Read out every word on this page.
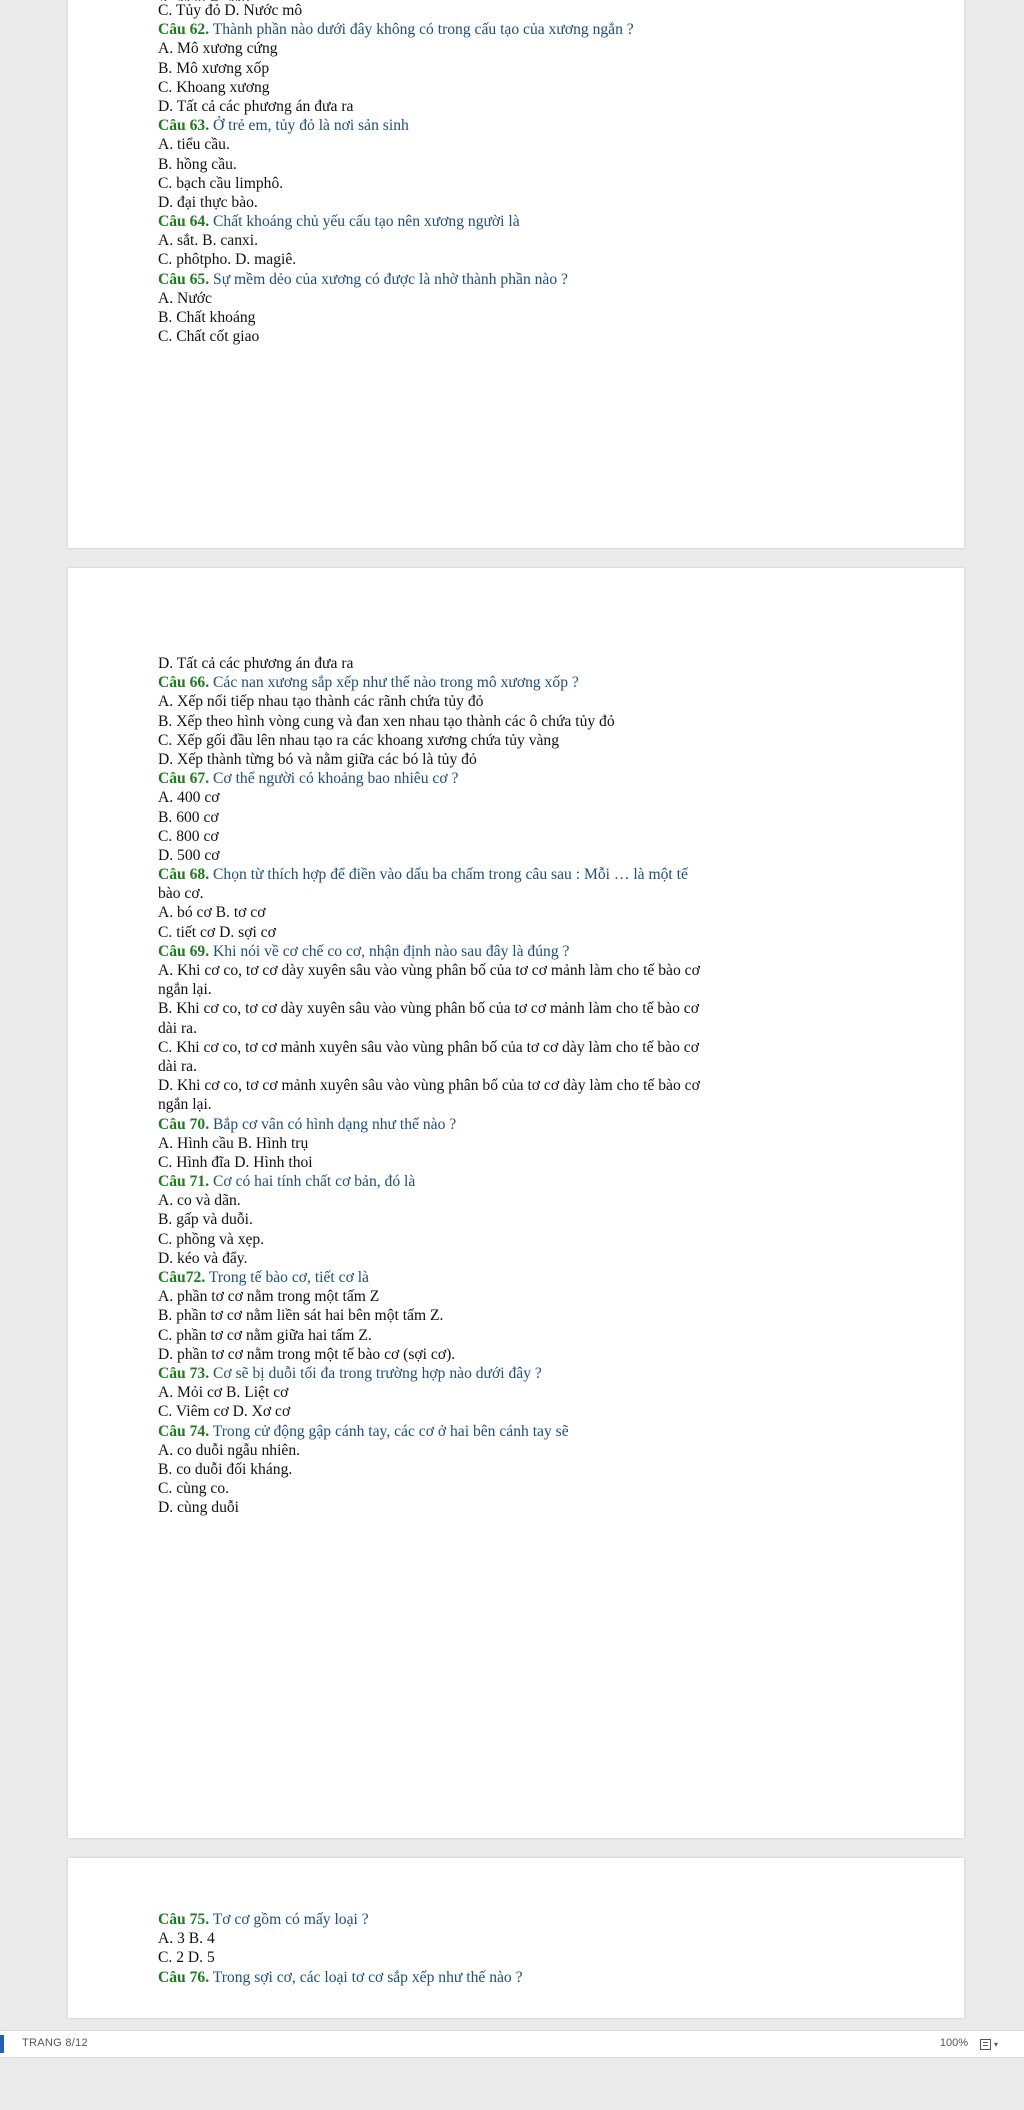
C. Tủy đỏ D. Nước mô
Câu 62. Thành phần nào dưới đây không có trong cấu tạo của xương ngắn ?
A. Mô xương cứng
B. Mô xương xốp
C. Khoang xương
D. Tất cả các phương án đưa ra
Câu 63. Ở trẻ em, tủy đỏ là nơi sản sinh
A. tiểu cầu.
B. hồng cầu.
C. bạch cầu limphô.
D. đại thực bào.
Câu 64. Chất khoáng chủ yếu cấu tạo nên xương người là
A. sắt. B. canxi.
C. phôtpho. D. magiê.
Câu 65. Sự mềm dẻo của xương có được là nhờ thành phần nào ?
A. Nước
B. Chất khoáng
C. Chất cốt giao
D. Tất cả các phương án đưa ra
Câu 66. Các nan xương sắp xếp như thế nào trong mô xương xốp ?
A. Xếp nối tiếp nhau tạo thành các rãnh chứa tủy đỏ
B. Xếp theo hình vòng cung và đan xen nhau tạo thành các ô chứa tủy đỏ
C. Xếp gối đầu lên nhau tạo ra các khoang xương chứa tủy vàng
D. Xếp thành từng bó và nằm giữa các bó là tủy đỏ
Câu 67. Cơ thể người có khoảng bao nhiêu cơ ?
A. 400 cơ
B. 600 cơ
C. 800 cơ
D. 500 cơ
Câu 68. Chọn từ thích hợp để điền vào dấu ba chấm trong câu sau : Mỗi … là một tế
bào cơ.
A. bó cơ B. tơ cơ
C. tiết cơ D. sợi cơ
Câu 69. Khi nói về cơ chế co cơ, nhận định nào sau đây là đúng ?
A. Khi cơ co, tơ cơ dày xuyên sâu vào vùng phân bố của tơ cơ mảnh làm cho tế bào cơ
ngắn lại.
B. Khi cơ co, tơ cơ dày xuyên sâu vào vùng phân bố của tơ cơ mảnh làm cho tế bào cơ
dài ra.
C. Khi cơ co, tơ cơ mảnh xuyên sâu vào vùng phân bố của tơ cơ dày làm cho tế bào cơ
dài ra.
D. Khi cơ co, tơ cơ mảnh xuyên sâu vào vùng phân bố của tơ cơ dày làm cho tế bào cơ
ngắn lại.
Câu 70. Bắp cơ vân có hình dạng như thế nào ?
A. Hình cầu B. Hình trụ
C. Hình đĩa D. Hình thoi
Câu 71. Cơ có hai tính chất cơ bản, đó là
A. co và dãn.
B. gấp và duỗi.
C. phồng và xẹp.
D. kéo và đẩy.
Câu72. Trong tế bào cơ, tiết cơ là
A. phần tơ cơ nằm trong một tấm Z
B. phần tơ cơ nằm liền sát hai bên một tấm Z.
C. phần tơ cơ nằm giữa hai tấm Z.
D. phần tơ cơ nằm trong một tế bào cơ (sợi cơ).
Câu 73. Cơ sẽ bị duỗi tối đa trong trường hợp nào dưới đây ?
A. Mỏi cơ B. Liệt cơ
C. Viêm cơ D. Xơ cơ
Câu 74. Trong cử động gập cánh tay, các cơ ở hai bên cánh tay sẽ
A. co duỗi ngẫu nhiên.
B. co duỗi đối kháng.
C. cùng co.
D. cùng duỗi
Câu 75. Tơ cơ gồm có mấy loại ?
A. 3 B. 4
C. 2 D. 5
Câu 76. Trong sợi cơ, các loại tơ cơ sắp xếp như thế nào ?
TRANG 8/12	100%	▾
